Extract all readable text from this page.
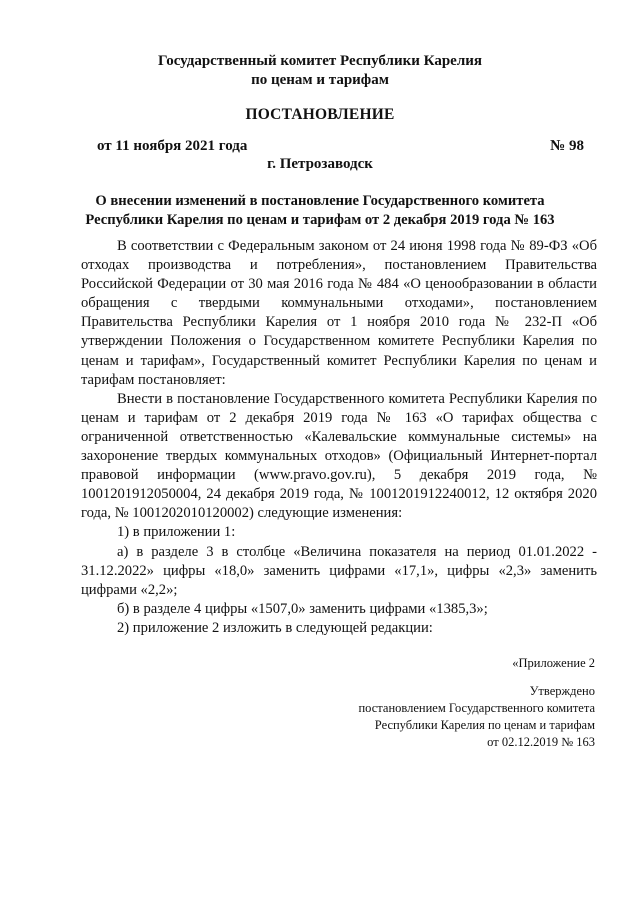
Государственный комитет Республики Карелия
по ценам и тарифам
ПОСТАНОВЛЕНИЕ
от 11 ноября 2021 года	№ 98
г. Петрозаводск
О внесении изменений в постановление Государственного комитета
Республики Карелия по ценам и тарифам от 2 декабря 2019 года № 163

В соответствии с Федеральным законом от 24 июня 1998 года № 89-ФЗ «Об отходах производства и потребления», постановлением Правительства Российской Федерации от 30 мая 2016 года № 484 «О ценообразовании в области обращения с твердыми коммунальными отходами», постановлением Правительства Республики Карелия от 1 ноября 2010 года № 232-П «Об утверждении Положения о Государственном комитете Республики Карелия по ценам и тарифам», Государственный комитет Республики Карелия по ценам и тарифам постановляет:

Внести в постановление Государственного комитета Республики Карелия по ценам и тарифам от 2 декабря 2019 года № 163 «О тарифах общества с ограниченной ответственностью «Калевальские коммунальные системы» на захоронение твердых коммунальных отходов» (Официальный Интернет-портал правовой информации (www.pravo.gov.ru), 5 декабря 2019 года, № 1001201912050004, 24 декабря 2019 года, № 1001201912240012, 12 октября 2020 года, № 1001202010120002) следующие изменения:

1) в приложении 1:

а) в разделе 3 в столбце «Величина показателя на период 01.01.2022 - 31.12.2022» цифры «18,0» заменить цифрами «17,1», цифры «2,3» заменить цифрами «2,2»;

б) в разделе 4 цифры «1507,0» заменить цифрами «1385,3»;

2) приложение 2 изложить в следующей редакции:

«Приложение 2
Утверждено
постановлением Государственного комитета
Республики Карелия по ценам и тарифам
от 02.12.2019 № 163
